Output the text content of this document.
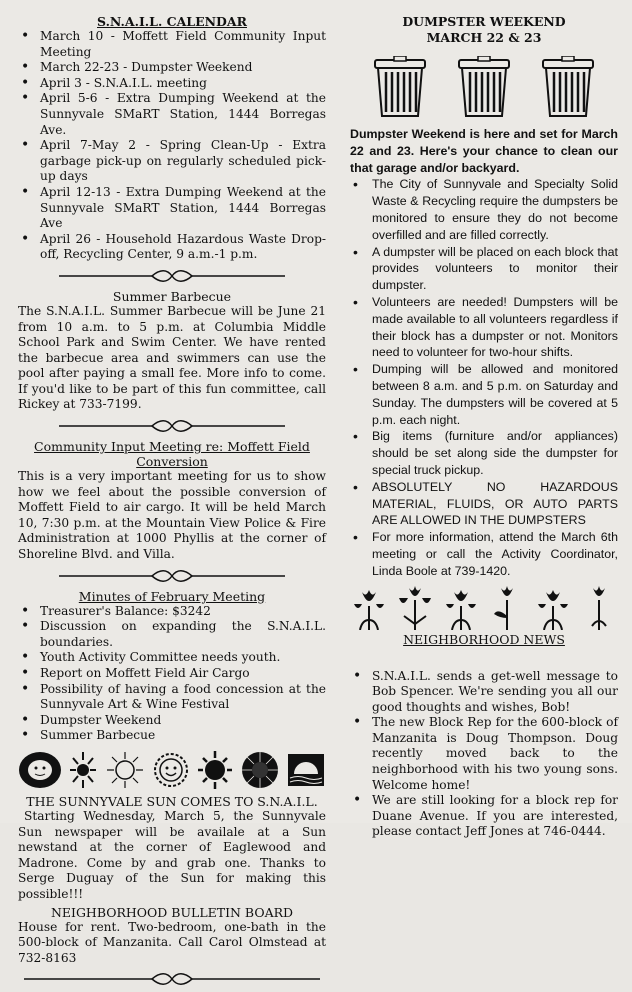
S.N.A.I.L. CALENDAR
• March 10 - Moffett Field Community Input Meeting
• March 22-23 - Dumpster Weekend
• April 3 - S.N.A.I.L. meeting
• April 5-6 - Extra Dumping Weekend at the Sunnyvale SMaRT Station, 1444 Borregas Ave.
• April 7-May 2 - Spring Clean-Up - Extra garbage pick-up on regularly scheduled pick-up days
• April 12-13 - Extra Dumping Weekend at the Sunnyvale SMaRT Station, 1444 Borregas Ave
• April 26 - Household Hazardous Waste Drop-off, Recycling Center, 9 a.m.-1 p.m.
Summer Barbecue
The S.N.A.I.L. Summer Barbecue will be June 21 from 10 a.m. to 5 p.m. at Columbia Middle School Park and Swim Center. We have rented the barbecue area and swimmers can use the pool after paying a small fee. More info to come. If you'd like to be part of this fun committee, call Rickey at 733-7199.
Community Input Meeting re: Moffett Field Conversion
This is a very important meeting for us to show how we feel about the possible conversion of Moffett Field to air cargo. It will be held March 10, 7:30 p.m. at the Mountain View Police & Fire Administration at 1000 Phyllis at the corner of Shoreline Blvd. and Villa.
Minutes of February Meeting
• Treasurer's Balance: $3242
• Discussion on expanding the S.N.A.I.L. boundaries.
• Youth Activity Committee needs youth.
• Report on Moffett Field Air Cargo
• Possibility of having a food concession at the Sunnyvale Art & Wine Festival
• Dumpster Weekend
• Summer Barbecue
THE SUNNYVALE SUN COMES TO S.N.A.I.L.
Starting Wednesday, March 5, the Sunnyvale Sun newspaper will be availale at a Sun newstand at the corner of Eaglewood and Madrone. Come by and grab one. Thanks to Serge Duguay of the Sun for making this possible!!!
NEIGHBORHOOD BULLETIN BOARD
House for rent. Two-bedroom, one-bath in the 500-block of Manzanita. Call Carol Olmstead at 732-8163
DUMPSTER WEEKEND
MARCH 22 & 23
Dumpster Weekend is here and set for March 22 and 23. Here's your chance to clean our that garage and/or backyard.
• The City of Sunnyvale and Specialty Solid Waste & Recycling require the dumpsters be monitored to ensure they do not become overfilled and are filled correctly.
• A dumpster will be placed on each block that provides volunteers to monitor their dumpster.
• Volunteers are needed! Dumpsters will be made available to all volunteers regardless if their block has a dumpster or not. Monitors need to volunteer for two-hour shifts.
• Dumping will be allowed and monitored between 8 a.m. and 5 p.m. on Saturday and Sunday. The dumpsters will be covered at 5 p.m. each night.
• Big items (furniture and/or appliances) should be set along side the dumpster for special truck pickup.
• ABSOLUTELY NO HAZARDOUS MATERIAL, FLUIDS, OR AUTO PARTS ARE ALLOWED IN THE DUMPSTERS
• For more information, attend the March 6th meeting or call the Activity Coordinator, Linda Boole at 739-1420.
NEIGHBORHOOD NEWS
• S.N.A.I.L. sends a get-well message to Bob Spencer. We're sending you all our good thoughts and wishes, Bob!
• The new Block Rep for the 600-block of Manzanita is Doug Thompson. Doug recently moved back to the neighborhood with his two young sons. Welcome home!
• We are still looking for a block rep for Duane Avenue. If you are interested, please contact Jeff Jones at 746-0444.
